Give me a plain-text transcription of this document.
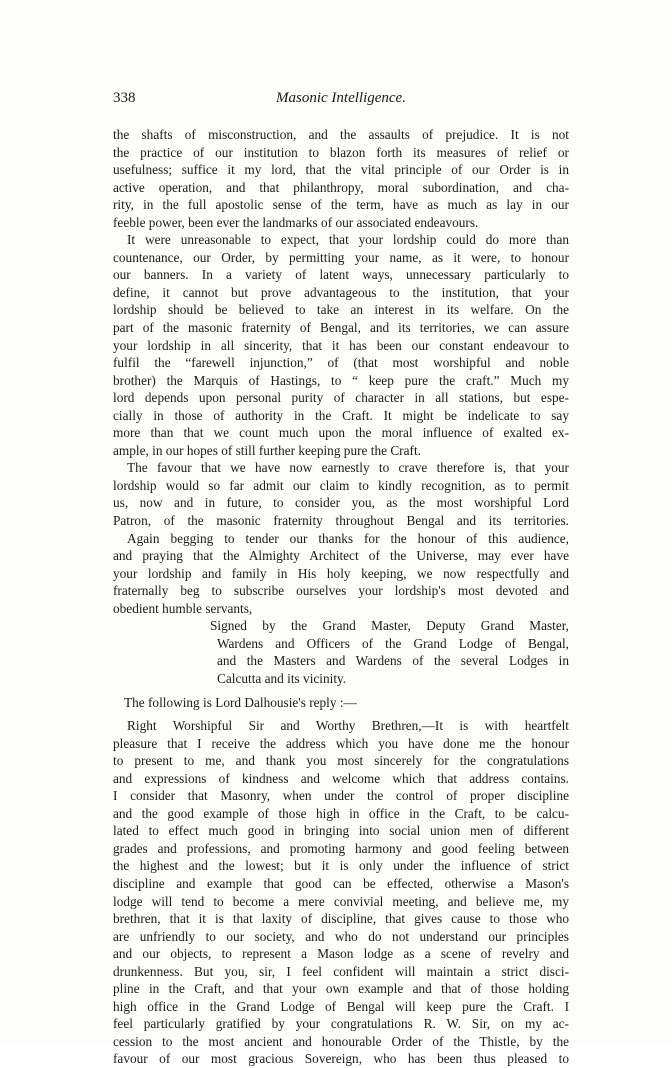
338	Masonic Intelligence.
the shafts of misconstruction, and the assaults of prejudice. It is not
the practice of our institution to blazon forth its measures of relief or
usefulness; suffice it my lord, that the vital principle of our Order is in
active operation, and that philanthropy, moral subordination, and cha-
rity, in the full apostolic sense of the term, have as much as lay in our
feeble power, been ever the landmarks of our associated endeavours.
It were unreasonable to expect, that your lordship could do more than
countenance, our Order, by permitting your name, as it were, to honour
our banners. In a variety of latent ways, unnecessary particularly to
define, it cannot but prove advantageous to the institution, that your
lordship should be believed to take an interest in its welfare. On the
part of the masonic fraternity of Bengal, and its territories, we can assure
your lordship in all sincerity, that it has been our constant endeavour to
fulfil the “farewell injunction,” of (that most worshipful and noble
brother) the Marquis of Hastings, to “ keep pure the craft.” Much my
lord depends upon personal purity of character in all stations, but espe-
cially in those of authority in the Craft. It might be indelicate to say
more than that we count much upon the moral influence of exalted ex-
ample, in our hopes of still further keeping pure the Craft.
The favour that we have now earnestly to crave therefore is, that your
lordship would so far admit our claim to kindly recognition, as to permit
us, now and in future, to consider you, as the most worshipful Lord
Patron, of the masonic fraternity throughout Bengal and its territories.
Again begging to tender our thanks for the honour of this audience,
and praying that the Almighty Architect of the Universe, may ever have
your lordship and family in His holy keeping, we now respectfully and
fraternally beg to subscribe ourselves your lordship's most devoted and
obedient humble servants,
Signed by the Grand Master, Deputy Grand Master,
Wardens and Officers of the Grand Lodge of Bengal,
and the Masters and Wardens of the several Lodges in
Calcutta and its vicinity.
The following is Lord Dalhousie's reply :—
Right Worshipful Sir and Worthy Brethren,—It is with heartfelt
pleasure that I receive the address which you have done me the honour
to present to me, and thank you most sincerely for the congratulations
and expressions of kindness and welcome which that address contains.
I consider that Masonry, when under the control of proper discipline
and the good example of those high in office in the Craft, to be calcu-
lated to effect much good in bringing into social union men of different
grades and professions, and promoting harmony and good feeling between
the highest and the lowest; but it is only under the influence of strict
discipline and example that good can be effected, otherwise a Mason's
lodge will tend to become a mere convivial meeting, and believe me, my
brethren, that it is that laxity of discipline, that gives cause to those who
are unfriendly to our society, and who do not understand our principles
and our objects, to represent a Mason lodge as a scene of revelry and
drunkenness. But you, sir, I feel confident will maintain a strict disci-
pline in the Craft, and that your own example and that of those holding
high office in the Grand Lodge of Bengal will keep pure the Craft. I
feel particularly gratified by your congratulations R. W. Sir, on my ac-
cession to the most ancient and honourable Order of the Thistle, by the
favour of our most gracious Sovereign, who has been thus pleased to
